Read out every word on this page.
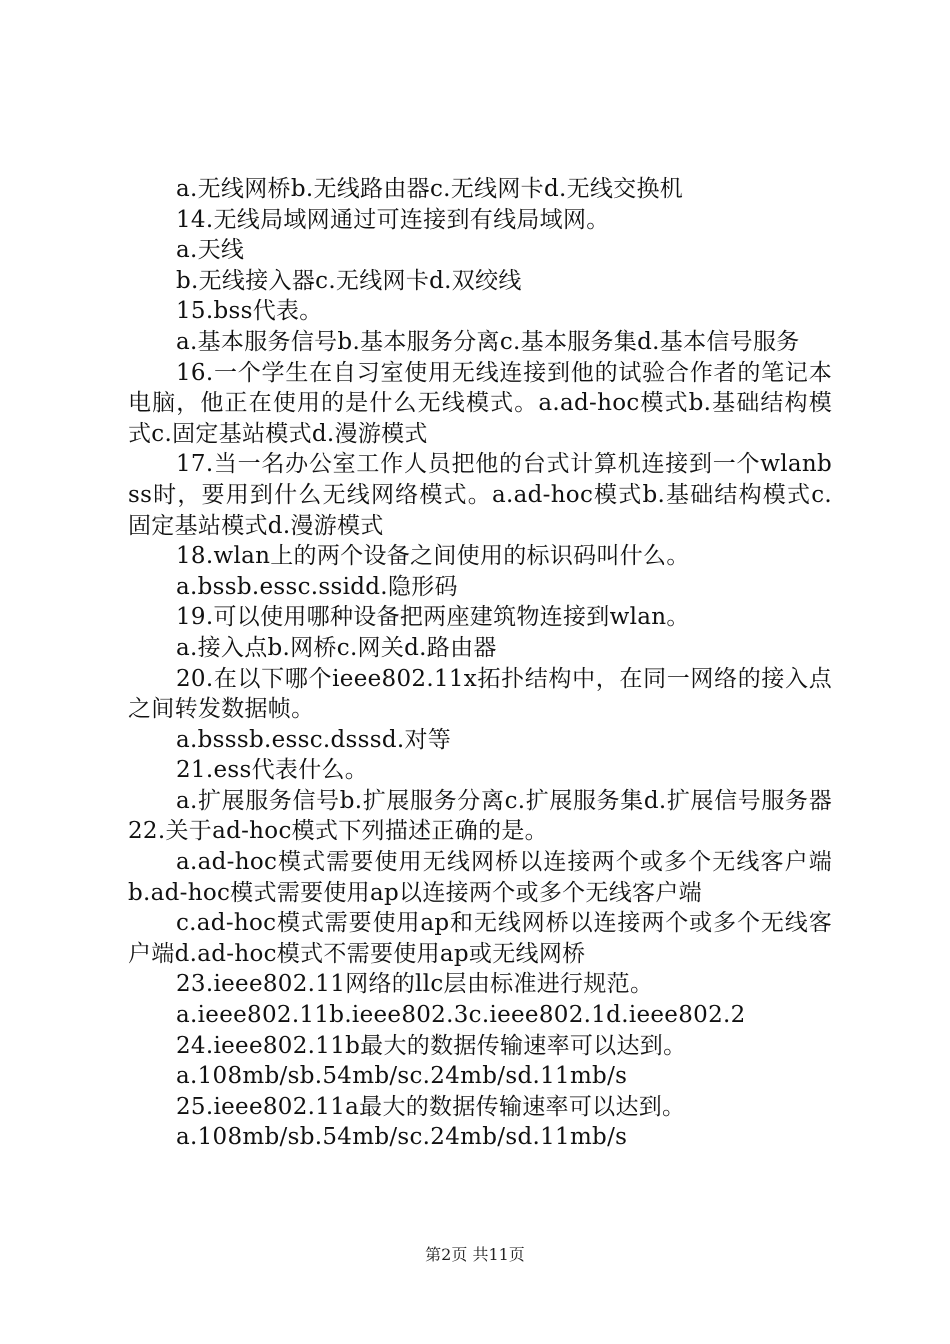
a.无线网桥b.无线路由器c.无线网卡d.无线交换机

14.无线局域网通过可连接到有线局域网。

a.天线

b.无线接入器c.无线网卡d.双绞线

15.bss代表。

a.基本服务信号b.基本服务分离c.基本服务集d.基本信号服务

16.一个学生在自习室使用无线连接到他的试验合作者的笔记本电脑，他正在使用的是什么无线模式。a.ad-hoc模式b.基础结构模式c.固定基站模式d.漫游模式

17.当一名办公室工作人员把他的台式计算机连接到一个wlanbss时，要用到什么无线网络模式。a.ad-hoc模式b.基础结构模式c.固定基站模式d.漫游模式

18.wlan上的两个设备之间使用的标识码叫什么。

a.bssb.essc.ssidd.隐形码

19.可以使用哪种设备把两座建筑物连接到wlan。

a.接入点b.网桥c.网关d.路由器

20.在以下哪个ieee802.11x拓扑结构中，在同一网络的接入点之间转发数据帧。

a.bsssb.essc.dsssd.对等

21.ess代表什么。

a.扩展服务信号b.扩展服务分离c.扩展服务集d.扩展信号服务器22.关于ad-hoc模式下列描述正确的是。

a.ad-hoc模式需要使用无线网桥以连接两个或多个无线客户端b.ad-hoc模式需要使用ap以连接两个或多个无线客户端

c.ad-hoc模式需要使用ap和无线网桥以连接两个或多个无线客户端d.ad-hoc模式不需要使用ap或无线网桥

23.ieee802.11网络的llc层由标准进行规范。

a.ieee802.11b.ieee802.3c.ieee802.1d.ieee802.2

24.ieee802.11b最大的数据传输速率可以达到。

a.108mb/sb.54mb/sc.24mb/sd.11mb/s

25.ieee802.11a最大的数据传输速率可以达到。

a.108mb/sb.54mb/sc.24mb/sd.11mb/s

第2页 共11页
